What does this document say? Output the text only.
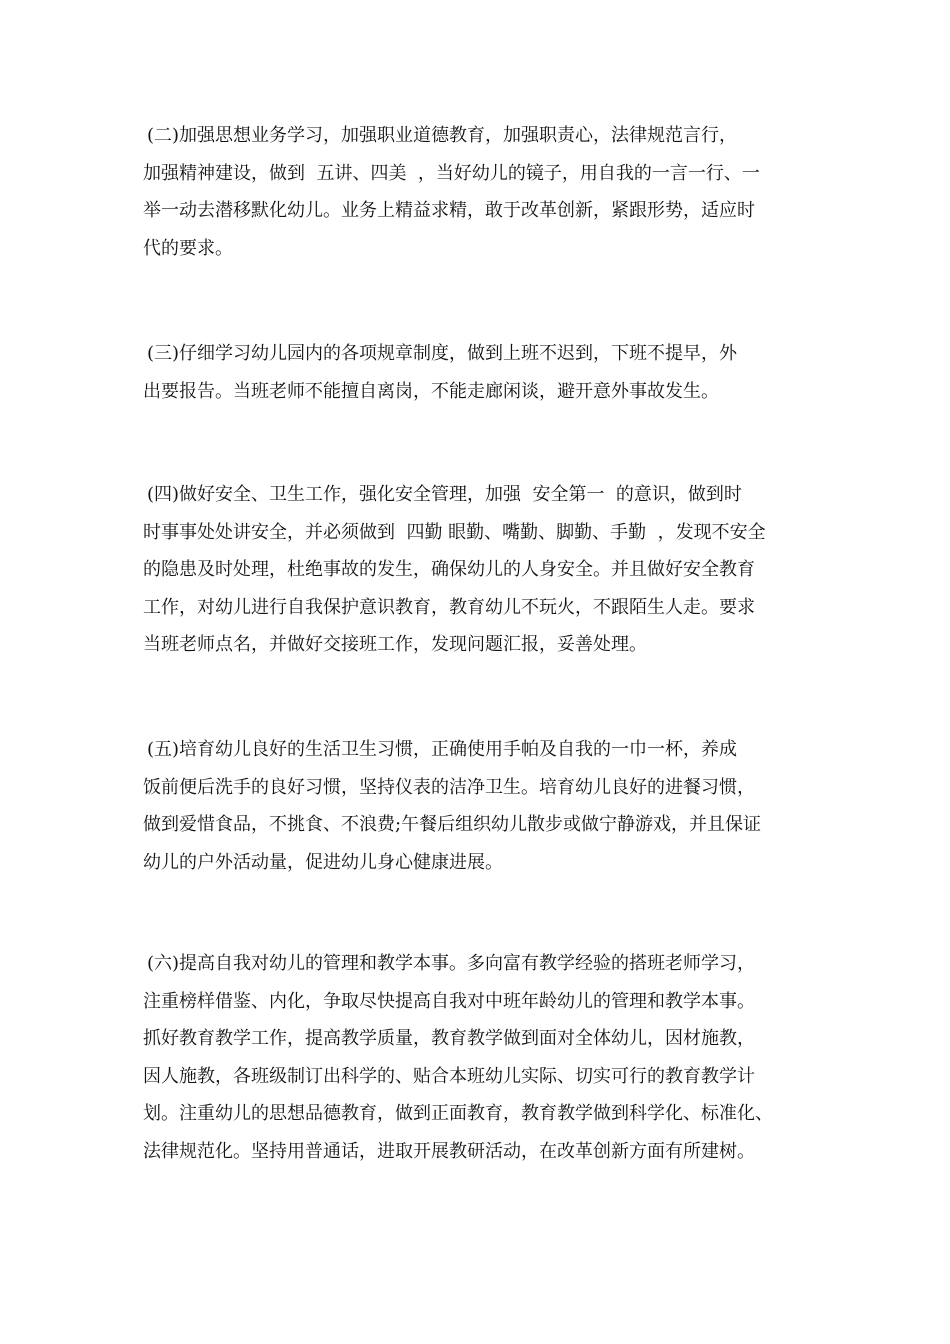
(二)加强思想业务学习，加强职业道德教育，加强职责心，法律规范言行，
加强精神建设，做到  五讲、四美  ，当好幼儿的镜子，用自我的一言一行、一
举一动去潜移默化幼儿。业务上精益求精，敢于改革创新，紧跟形势，适应时
代的要求。
(三)仔细学习幼儿园内的各项规章制度，做到上班不迟到，下班不提早，外
出要报告。当班老师不能擅自离岗，不能走廊闲谈，避开意外事故发生。
(四)做好安全、卫生工作，强化安全管理，加强  安全第一  的意识，做到时
时事事处处讲安全，并必须做到  四勤 眼勤、嘴勤、脚勤、手勤  ，发现不安全
的隐患及时处理，杜绝事故的发生，确保幼儿的人身安全。并且做好安全教育
工作，对幼儿进行自我保护意识教育，教育幼儿不玩火，不跟陌生人走。要求
当班老师点名，并做好交接班工作，发现问题汇报，妥善处理。
(五)培育幼儿良好的生活卫生习惯，正确使用手帕及自我的一巾一杯，养成
饭前便后洗手的良好习惯，坚持仪表的洁净卫生。培育幼儿良好的进餐习惯，
做到爱惜食品，不挑食、不浪费;午餐后组织幼儿散步或做宁静游戏，并且保证
幼儿的户外活动量，促进幼儿身心健康进展。
(六)提高自我对幼儿的管理和教学本事。多向富有教学经验的搭班老师学习，
注重榜样借鉴、内化，争取尽快提高自我对中班年龄幼儿的管理和教学本事。
抓好教育教学工作，提高教学质量，教育教学做到面对全体幼儿，因材施教，
因人施教，各班级制订出科学的、贴合本班幼儿实际、切实可行的教育教学计
划。注重幼儿的思想品德教育，做到正面教育，教育教学做到科学化、标准化、
法律规范化。坚持用普通话，进取开展教研活动，在改革创新方面有所建树。
